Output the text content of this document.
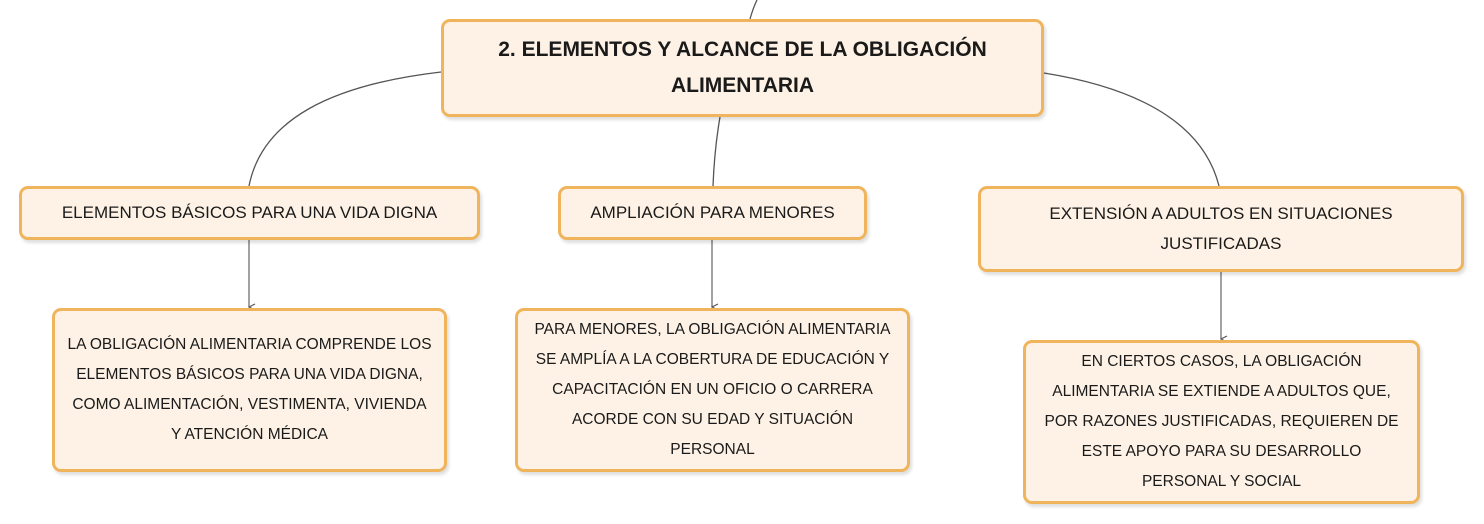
2. ELEMENTOS Y ALCANCE DE LA OBLIGACIÓN ALIMENTARIA
ELEMENTOS BÁSICOS PARA UNA VIDA DIGNA	AMPLIACIÓN PARA MENORES	EXTENSIÓN A ADULTOS EN SITUACIONES JUSTIFICADAS
LA OBLIGACIÓN ALIMENTARIA COMPRENDE LOS ELEMENTOS BÁSICOS PARA UNA VIDA DIGNA, COMO ALIMENTACIÓN, VESTIMENTA, VIVIENDA Y ATENCIÓN MÉDICA
PARA MENORES, LA OBLIGACIÓN ALIMENTARIA SE AMPLÍA A LA COBERTURA DE EDUCACIÓN Y CAPACITACIÓN EN UN OFICIO O CARRERA ACORDE CON SU EDAD Y SITUACIÓN PERSONAL
EN CIERTOS CASOS, LA OBLIGACIÓN ALIMENTARIA SE EXTIENDE A ADULTOS QUE, POR RAZONES JUSTIFICADAS, REQUIEREN DE ESTE APOYO PARA SU DESARROLLO PERSONAL Y SOCIAL
